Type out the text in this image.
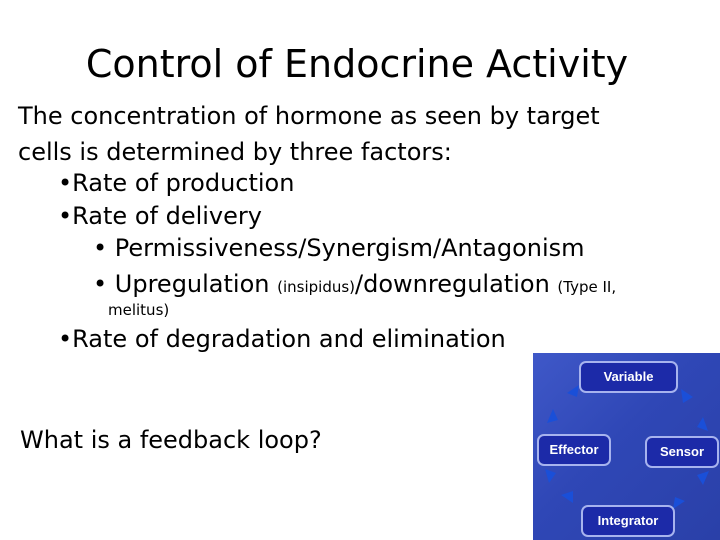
Control of Endocrine Activity
The concentration of hormone as seen by target
cells is determined by three factors:
•Rate of production
•Rate of delivery
• Permissiveness/Synergism/Antagonism
• Upregulation (insipidus)/downregulation (Type II,
melitus)
•Rate of degradation and elimination
What is a feedback loop?
Variable
Effector	Sensor
Integrator
